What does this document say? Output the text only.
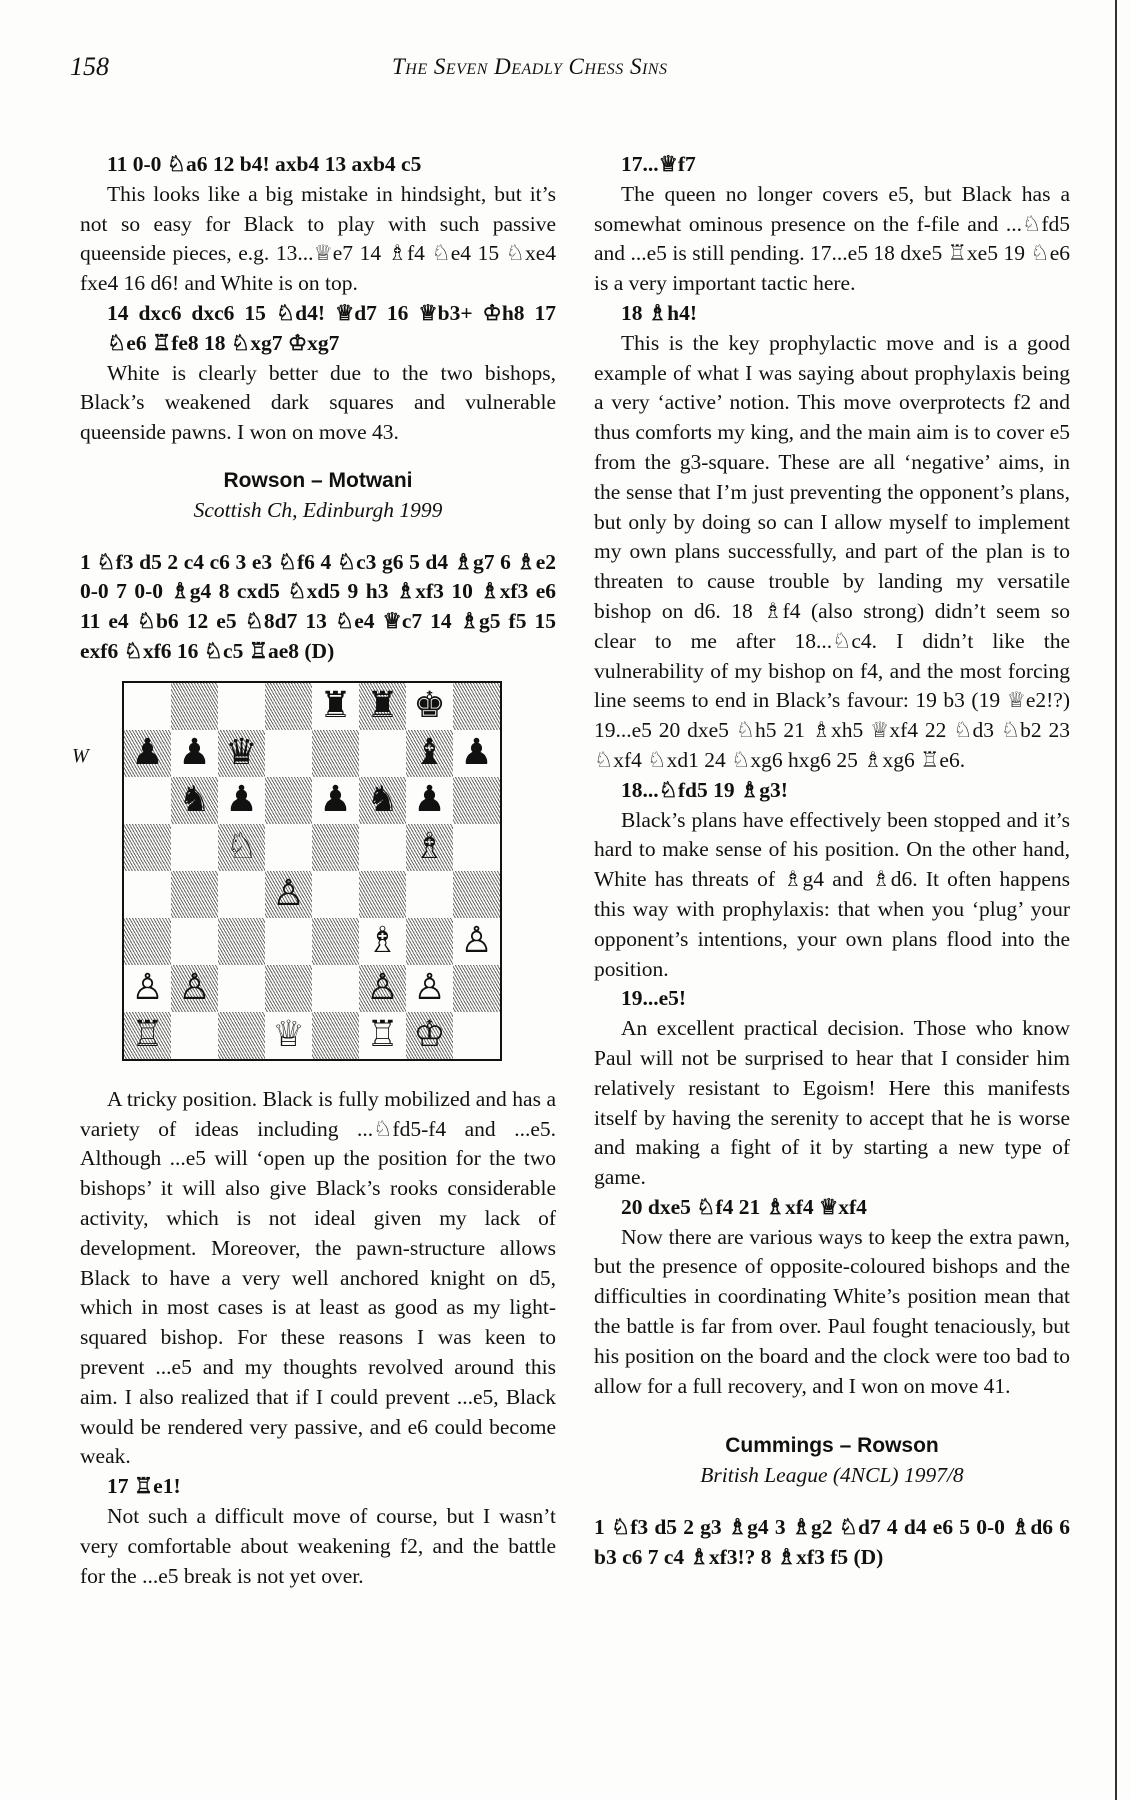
158	The Seven Deadly Chess Sins

11 0-0 ♘a6 12 b4! axb4 13 axb4 c5

This looks like a big mistake in hindsight, but it’s not so easy for Black to play with such passive queenside pieces, e.g. 13...♕e7 14 ♗f4 ♘e4 15 ♘xe4 fxe4 16 d6! and White is on top.

14 dxc6 dxc6 15 ♘d4! ♕d7 16 ♕b3+ ♔h8 17 ♘e6 ♖fe8 18 ♘xg7 ♔xg7

White is clearly better due to the two bishops, Black’s weakened dark squares and vulnerable queenside pawns. I won on move 43.

Rowson – Motwani

Scottish Ch, Edinburgh 1999

1 ♘f3 d5 2 c4 c6 3 e3 ♘f6 4 ♘c3 g6 5 d4 ♗g7 6 ♗e2 0-0 7 0-0 ♗g4 8 cxd5 ♘xd5 9 h3 ♗xf3 10 ♗xf3 e6 11 e4 ♘b6 12 e5 ♘8d7 13 ♘e4 ♕c7 14 ♗g5 f5 15 exf6 ♘xf6 16 ♘c5 ♖ae8 (D)

W
♜ ♜ ♚
♟ ♟ ♛	♝ ♟
♞ ♟ ♟ ♞ ♟
♘	♗
♙
♗ ♙
♙ ♙	♙ ♙
♖	♕ ♖ ♔

A tricky position. Black is fully mobilized and has a variety of ideas including ...♘fd5-f4 and ...e5. Although ...e5 will ‘open up the position for the two bishops’ it will also give Black’s rooks considerable activity, which is not ideal given my lack of development. Moreover, the pawn-structure allows Black to have a very well anchored knight on d5, which in most cases is at least as good as my light-squared bishop. For these reasons I was keen to prevent ...e5 and my thoughts revolved around this aim. I also realized that if I could prevent ...e5, Black would be rendered very passive, and e6 could become weak.

17 ♖e1!

Not such a difficult move of course, but I wasn’t very comfortable about weakening f2, and the battle for the ...e5 break is not yet over.

17...♕f7

The queen no longer covers e5, but Black has a somewhat ominous presence on the f-file and ...♘fd5 and ...e5 is still pending. 17...e5 18 dxe5 ♖xe5 19 ♘e6 is a very important tactic here.

18 ♗h4!

This is the key prophylactic move and is a good example of what I was saying about prophylaxis being a very ‘active’ notion. This move overprotects f2 and thus comforts my king, and the main aim is to cover e5 from the g3-square. These are all ‘negative’ aims, in the sense that I’m just preventing the opponent’s plans, but only by doing so can I allow myself to implement my own plans successfully, and part of the plan is to threaten to cause trouble by landing my versatile bishop on d6. 18 ♗f4 (also strong) didn’t seem so clear to me after 18...♘c4. I didn’t like the vulnerability of my bishop on f4, and the most forcing line seems to end in Black’s favour: 19 b3 (19 ♕e2!?) 19...e5 20 dxe5 ♘h5 21 ♗xh5 ♕xf4 22 ♘d3 ♘b2 23 ♘xf4 ♘xd1 24 ♘xg6 hxg6 25 ♗xg6 ♖e6.

18...♘fd5 19 ♗g3!

Black’s plans have effectively been stopped and it’s hard to make sense of his position. On the other hand, White has threats of ♗g4 and ♗d6. It often happens this way with prophylaxis: that when you ‘plug’ your opponent’s intentions, your own plans flood into the position.

19...e5!

An excellent practical decision. Those who know Paul will not be surprised to hear that I consider him relatively resistant to Egoism! Here this manifests itself by having the serenity to accept that he is worse and making a fight of it by starting a new type of game.

20 dxe5 ♘f4 21 ♗xf4 ♕xf4

Now there are various ways to keep the extra pawn, but the presence of opposite-coloured bishops and the difficulties in coordinating White’s position mean that the battle is far from over. Paul fought tenaciously, but his position on the board and the clock were too bad to allow for a full recovery, and I won on move 41.

Cummings – Rowson

British League (4NCL) 1997/8

1 ♘f3 d5 2 g3 ♗g4 3 ♗g2 ♘d7 4 d4 e6 5 0-0 ♗d6 6 b3 c6 7 c4 ♗xf3!? 8 ♗xf3 f5 (D)
